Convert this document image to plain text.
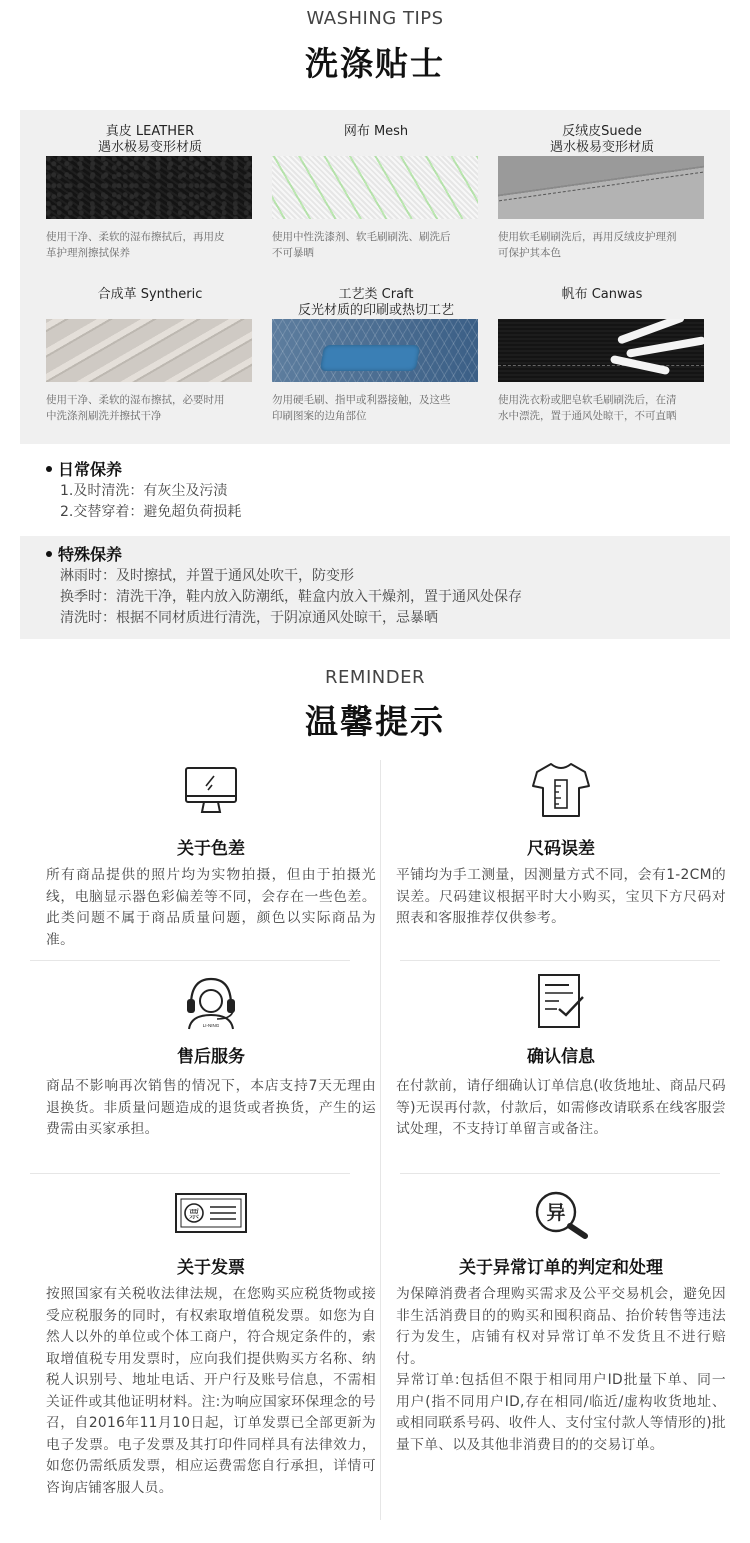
WASHING TIPS
洗涤贴士
真皮 LEATHER
遇水极易变形材质
使用干净、柔软的湿布擦拭后，再用皮
革护理剂擦拭保养
网布 Mesh
使用中性洗漆剂、软毛刷刷洗、刷洗后
不可暴晒
反绒皮Suede
遇水极易变形材质
使用软毛刷刷洗后，再用反绒皮护理剂
可保护其本色
合成革 Syntheric
使用干净、柔软的湿布擦拭，必要时用
中洗涤剂刷洗并擦拭干净
工艺类 Craft
反光材质的印刷或热切工艺
勿用硬毛刷、指甲或利器接触，及这些
印刷图案的边角部位
帆布 Canwas
使用洗衣粉或肥皂软毛刷刷洗后，在清
水中漂洗，置于通风处晾干，不可直晒
日常保养
1.及时清洗：有灰尘及污渍
2.交替穿着：避免超负荷损耗
特殊保养
淋雨时：及时擦拭，并置于通风处吹干，防变形
换季时：清洗干净，鞋内放入防潮纸，鞋盒内放入干燥剂，置于通风处保存
清洗时：根据不同材质进行清洗，于阴凉通风处晾干，忌暴晒
REMINDER
温馨提示
关于色差
所有商品提供的照片均为实物拍摄，但由于拍摄光线，电脑显示器色彩偏差等不同，会存在一些色差。此类问题不属于商品质量问题，颜色以实际商品为准。
尺码误差
平铺均为手工测量，因测量方式不同，会有1-2CM的误差。尺码建议根据平时大小购买，宝贝下方尺码对照表和客服推荐仅供参考。
LI-NING
售后服务
商品不影响再次销售的情况下，本店支持7天无理由退换货。非质量问题造成的退货或者换货，产生的运费需由买家承担。
确认信息
在付款前，请仔细确认订单信息(收货地址、商品尺码等)无误再付款，付款后，如需修改请联系在线客服尝试处理，不支持订单留言或备注。
票
关于发票
按照国家有关税收法律法规，在您购买应税货物或接受应税服务的同时，有权索取增值税发票。如您为自然人以外的单位或个体工商户，符合规定条件的，索取增值税专用发票时，应向我们提供购买方名称、纳税人识别号、地址电话、开户行及账号信息，不需相关证件或其他证明材料。注:为响应国家环保理念的号召，自2016年11月10日起，订单发票已全部更新为电子发票。电子发票及其打印件同样具有法律效力，如您仍需纸质发票，相应运费需您自行承担，详情可咨询店铺客服人员。
异
关于异常订单的判定和处理
为保障消费者合理购买需求及公平交易机会，避免因非生活消费目的的购买和囤积商品、抬价转售等违法行为发生，店铺有权对异常订单不发货且不进行赔付。
异常订单:包括但不限于相同用户ID批量下单、同一用户(指不同用户ID,存在相同/临近/虚构收货地址、或相同联系号码、收件人、支付宝付款人等情形的)批量下单、以及其他非消费目的的交易订单。
